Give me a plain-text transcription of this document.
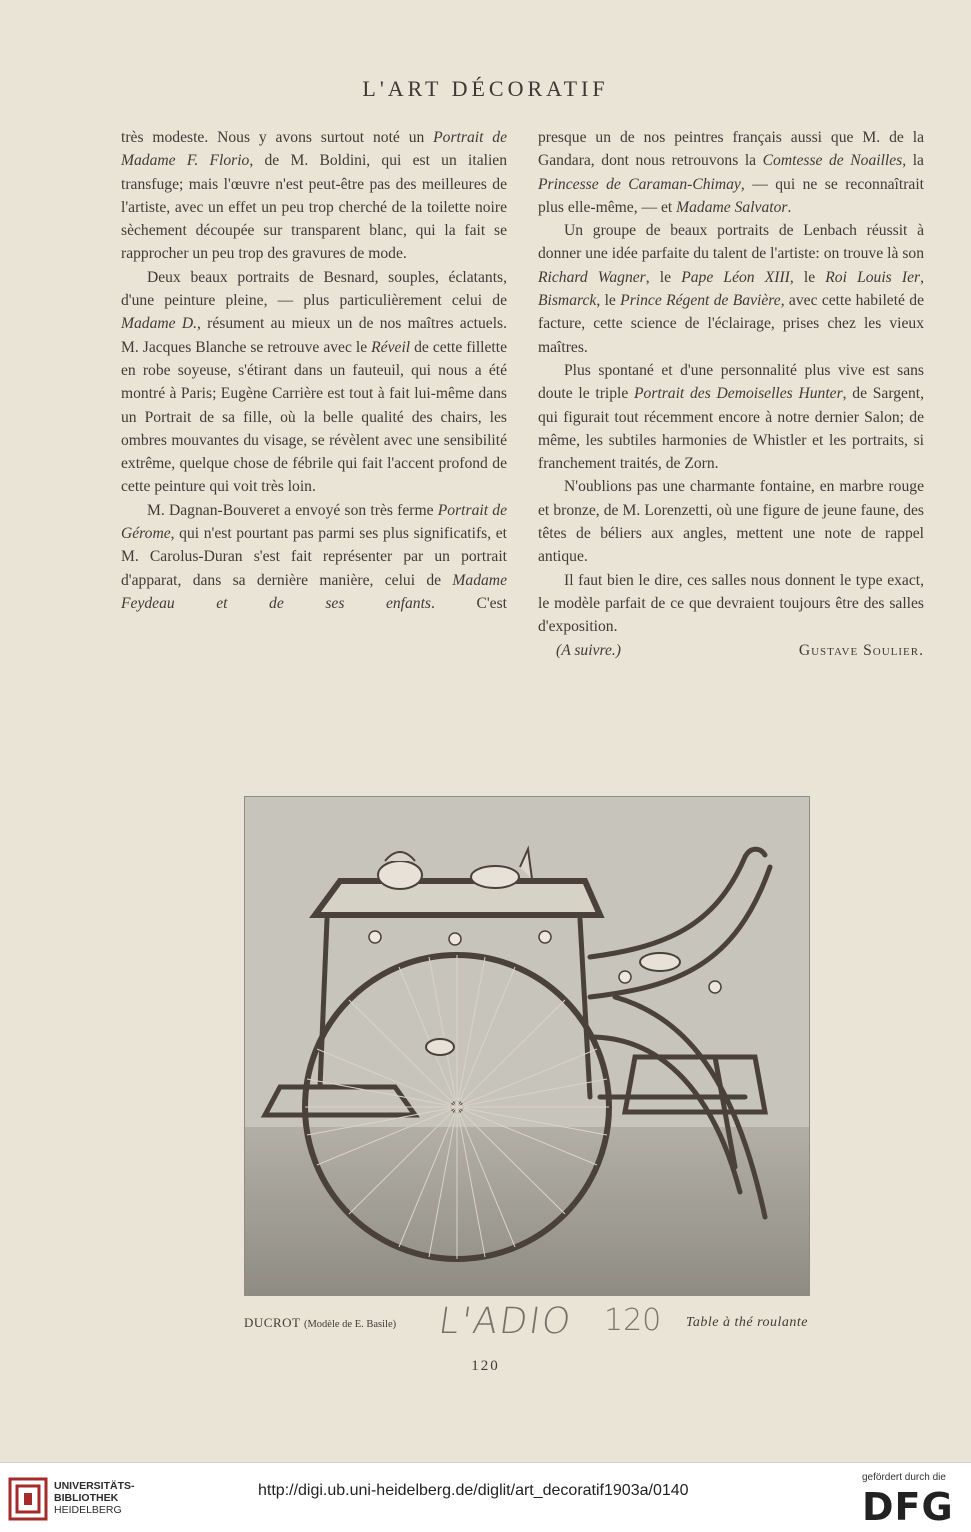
L'ART DÉCORATIF

très modeste. Nous y avons surtout noté un Portrait de Madame F. Florio, de M. Boldini, qui est un italien transfuge; mais l'œuvre n'est peut-être pas des meilleures de l'artiste, avec un effet un peu trop cherché de la toilette noire sèchement découpée sur transparent blanc, qui la fait se rapprocher un peu trop des gravures de mode.

Deux beaux portraits de Besnard, souples, éclatants, d'une peinture pleine, — plus particulièrement celui de Madame D., résument au mieux un de nos maîtres actuels. M. Jacques Blanche se retrouve avec le Réveil de cette fillette en robe soyeuse, s'étirant dans un fauteuil, qui nous a été montré à Paris; Eugène Carrière est tout à fait lui-même dans un Portrait de sa fille, où la belle qualité des chairs, les ombres mouvantes du visage, se révèlent avec une sensibilité extrême, quelque chose de fébrile qui fait l'accent profond de cette peinture qui voit très loin.

M. Dagnan-Bouveret a envoyé son très ferme Portrait de Gérome, qui n'est pourtant pas parmi ses plus significatifs, et M. Carolus-Duran s'est fait représenter par un portrait d'apparat, dans sa dernière manière, celui de Madame Feydeau et de ses enfants. C'est

presque un de nos peintres français aussi que M. de la Gandara, dont nous retrouvons la Comtesse de Noailles, la Princesse de Caraman-Chimay, — qui ne se reconnaîtrait plus elle-même, — et Madame Salvator.

Un groupe de beaux portraits de Lenbach réussit à donner une idée parfaite du talent de l'artiste: on trouve là son Richard Wagner, le Pape Léon XIII, le Roi Louis Ier, Bismarck, le Prince Régent de Bavière, avec cette habileté de facture, cette science de l'éclairage, prises chez les vieux maîtres.

Plus spontané et d'une personnalité plus vive est sans doute le triple Portrait des Demoiselles Hunter, de Sargent, qui figurait tout récemment encore à notre dernier Salon; de même, les subtiles harmonies de Whistler et les portraits, si franchement traités, de Zorn.

N'oublions pas une charmante fontaine, en marbre rouge et bronze, de M. Lorenzetti, où une figure de jeune faune, des têtes de béliers aux angles, mettent une note de rappel antique.

Il faut bien le dire, ces salles nous donnent le type exact, le modèle parfait de ce que devraient toujours être des salles d'exposition.

(A suivre.)	Gustave Soulier.
DUCROT (Modèle de E. Basile) L'ADIO 120 Table à thé roulante
120
UNIVERSITÄTS-
BIBLIOTHEK
HEIDELBERG
http://digi.ub.uni-heidelberg.de/diglit/art_decoratif1903a/0140
gefördert durch die
DFG
